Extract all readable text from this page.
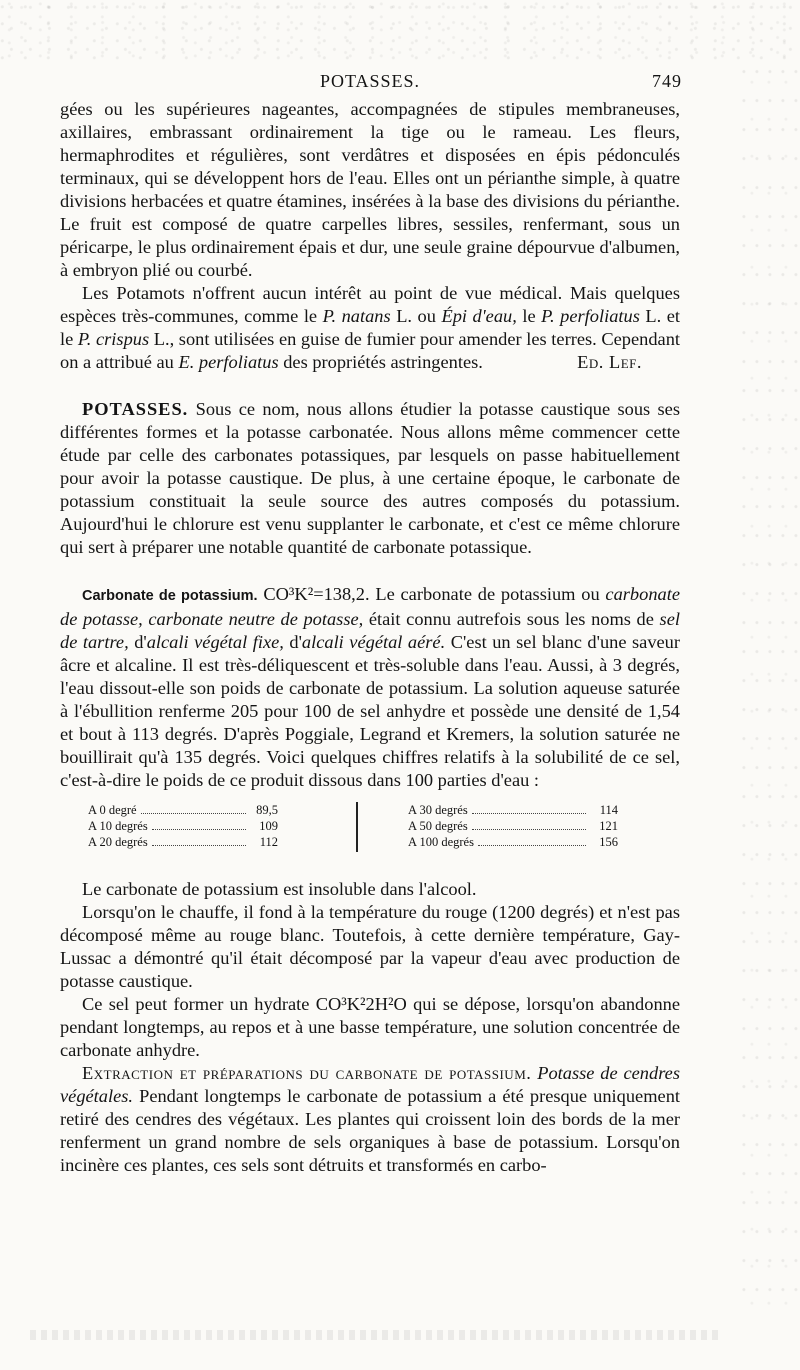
POTASSES.	749

gées ou les supérieures nageantes, accompagnées de stipules membraneuses, axillaires, embrassant ordinairement la tige ou le rameau. Les fleurs, hermaphrodites et régulières, sont verdâtres et disposées en épis pédonculés terminaux, qui se développent hors de l'eau. Elles ont un périanthe simple, à quatre divisions herbacées et quatre étamines, insérées à la base des divisions du périanthe. Le fruit est composé de quatre carpelles libres, sessiles, renfermant, sous un péricarpe, le plus ordinairement épais et dur, une seule graine dépourvue d'albumen, à embryon plié ou courbé.

Les Potamots n'offrent aucun intérêt au point de vue médical. Mais quelques espèces très-communes, comme le P. natans L. ou Épi d'eau, le P. perfoliatus L. et le P. crispus L., sont utilisées en guise de fumier pour amender les terres. Cependant on a attribué au E. perfoliatus des propriétés astringentes.	Ed. Lef.

POTASSES. Sous ce nom, nous allons étudier la potasse caustique sous ses différentes formes et la potasse carbonatée. Nous allons même commencer cette étude par celle des carbonates potassiques, par lesquels on passe habituellement pour avoir la potasse caustique. De plus, à une certaine époque, le carbonate de potassium constituait la seule source des autres composés du potassium. Aujourd'hui le chlorure est venu supplanter le carbonate, et c'est ce même chlorure qui sert à préparer une notable quantité de carbonate potassique.

Carbonate de potassium. CO³K²=138,2. Le carbonate de potassium ou carbonate de potasse, carbonate neutre de potasse, était connu autrefois sous les noms de sel de tartre, d'alcali végétal fixe, d'alcali végétal aéré. C'est un sel blanc d'une saveur âcre et alcaline. Il est très-déliquescent et très-soluble dans l'eau. Aussi, à 3 degrés, l'eau dissout-elle son poids de carbonate de potassium. La solution aqueuse saturée à l'ébullition renferme 205 pour 100 de sel anhydre et possède une densité de 1,54 et bout à 113 degrés. D'après Poggiale, Legrand et Kremers, la solution saturée ne bouillirait qu'à 135 degrés. Voici quelques chiffres relatifs à la solubilité de ce sel, c'est-à-dire le poids de ce produit dissous dans 100 parties d'eau :

A 0 degré	89,5
A 10 degrés	109
A 20 degrés	112
A 30 degrés	114
A 50 degrés	121
A 100 degrés	156

Le carbonate de potassium est insoluble dans l'alcool.

Lorsqu'on le chauffe, il fond à la température du rouge (1200 degrés) et n'est pas décomposé même au rouge blanc. Toutefois, à cette dernière température, Gay-Lussac a démontré qu'il était décomposé par la vapeur d'eau avec production de potasse caustique.

Ce sel peut former un hydrate CO³K²2H²O qui se dépose, lorsqu'on abandonne pendant longtemps, au repos et à une basse température, une solution concentrée de carbonate anhydre.

Extraction et préparations du carbonate de potassium. Potasse de cendres végétales. Pendant longtemps le carbonate de potassium a été presque uniquement retiré des cendres des végétaux. Les plantes qui croissent loin des bords de la mer renferment un grand nombre de sels organiques à base de potassium. Lorsqu'on incinère ces plantes, ces sels sont détruits et transformés en carbo-
